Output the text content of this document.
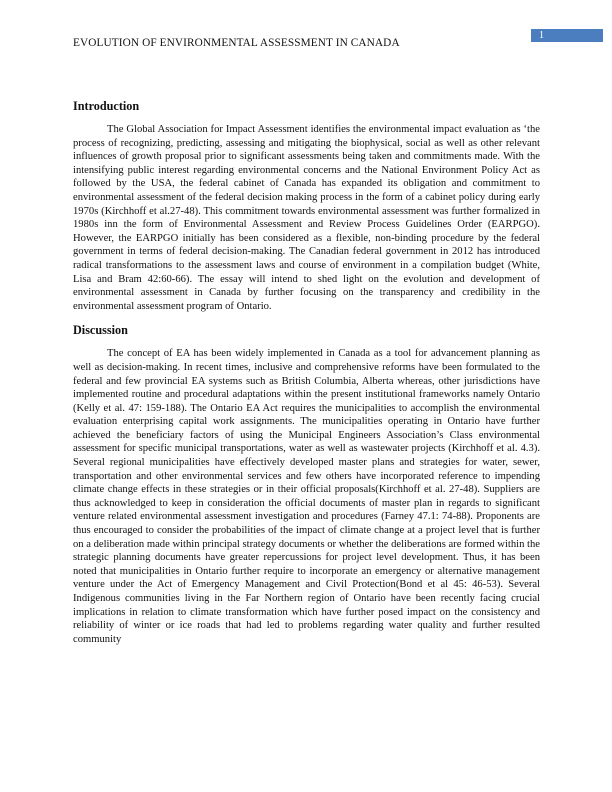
EVOLUTION OF ENVIRONMENTAL ASSESSMENT IN CANADA
1
Introduction

The Global Association for Impact Assessment identifies the environmental impact evaluation as ‘the process of recognizing, predicting, assessing and mitigating the biophysical, social as well as other relevant influences of growth proposal prior to significant assessments being taken and commitments made. With the intensifying public interest regarding environmental concerns and the National Environment Policy Act as followed by the USA, the federal cabinet of Canada has expanded its obligation and commitment to environmental assessment of the federal decision making process in the form of a cabinet policy during early 1970s (Kirchhoff et al.27-48). This commitment towards environmental assessment was further formalized in 1980s inn the form of Environmental Assessment and Review Process Guidelines Order (EARPGO). However, the EARPGO initially has been considered as a flexible, non-binding procedure by the federal government in terms of federal decision-making. The Canadian federal government in 2012 has introduced radical transformations to the assessment laws and course of environment in a compilation budget (White, Lisa and Bram 42:60-66). The essay will intend to shed light on the evolution and development of environmental assessment in Canada by further focusing on the transparency and credibility in the environmental assessment program of Ontario.

Discussion

The concept of EA has been widely implemented in Canada as a tool for advancement planning as well as decision-making. In recent times, inclusive and comprehensive reforms have been formulated to the federal and few provincial EA systems such as British Columbia, Alberta whereas, other jurisdictions have implemented routine and procedural adaptations within the present institutional frameworks namely Ontario (Kelly et al. 47: 159-188). The Ontario EA Act requires the municipalities to accomplish the environmental evaluation enterprising capital work assignments. The municipalities operating in Ontario have further achieved the beneficiary factors of using the Municipal Engineers Association’s Class environmental assessment for specific municipal transportations, water as well as wastewater projects (Kirchhoff et al. 4.3). Several regional municipalities have effectively developed master plans and strategies for water, sewer, transportation and other environmental services and few others have incorporated reference to impending climate change effects in these strategies or in their official proposals(Kirchhoff et al. 27-48). Suppliers are thus acknowledged to keep in consideration the official documents of master plan in regards to significant venture related environmental assessment investigation and procedures (Farney 47.1: 74-88). Proponents are thus encouraged to consider the probabilities of the impact of climate change at a project level that is further on a deliberation made within principal strategy documents or whether the deliberations are formed within the strategic planning documents have greater repercussions for project level development. Thus, it has been noted that municipalities in Ontario further require to incorporate an emergency or alternative management venture under the Act of Emergency Management and Civil Protection(Bond et al 45: 46-53). Several Indigenous communities living in the Far Northern region of Ontario have been recently facing crucial implications in relation to climate transformation which have further posed impact on the consistency and reliability of winter or ice roads that had led to problems regarding water quality and further resulted community
